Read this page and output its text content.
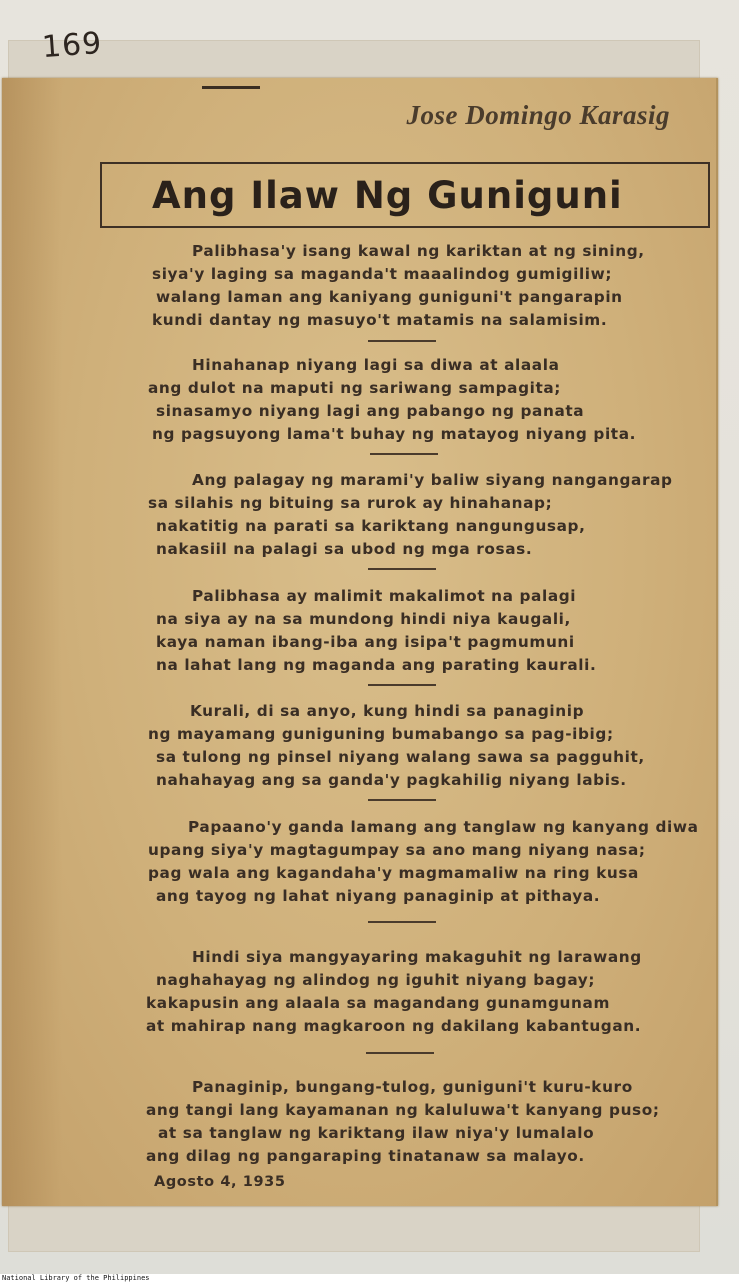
169
Jose Domingo Karasig
Ang Ilaw Ng Guniguni
Palibhasa'y isang kawal ng kariktan at ng sining,
siya'y laging sa maganda't maaalindog gumigiliw;
walang laman ang kaniyang guniguni't pangarapin
kundi dantay ng masuyo't matamis na salamisim.
Hinahanap niyang lagi sa diwa at alaala
ang dulot na maputi ng sariwang sampagita;
sinasamyo niyang lagi ang pabango ng panata
ng pagsuyong lama't buhay ng matayog niyang pita.
Ang palagay ng marami'y baliw siyang nangangarap
sa silahis ng bituing sa rurok ay hinahanap;
nakatitig na parati sa kariktang nangungusap,
nakasiil na palagi sa ubod ng mga rosas.
Palibhasa ay malimit makalimot na palagi
na siya ay na sa mundong hindi niya kaugali,
kaya naman ibang-iba ang isipa't pagmumuni
na lahat lang ng maganda ang parating kaurali.
Kurali, di sa anyo, kung hindi sa panaginip
ng mayamang guniguning bumabango sa pag-ibig;
sa tulong ng pinsel niyang walang sawa sa pagguhit,
nahahayag ang sa ganda'y pagkahilig niyang labis.
Papaano'y ganda lamang ang tanglaw ng kanyang diwa
upang siya'y magtagumpay sa ano mang niyang nasa;
pag wala ang kagandaha'y magmamaliw na ring kusa
ang tayog ng lahat niyang panaginip at pithaya.
Hindi siya mangyayaring makaguhit ng larawang
naghahayag ng alindog ng iguhit niyang bagay;
kakapusin ang alaala sa magandang gunamgunam
at mahirap nang magkaroon ng dakilang kabantugan.
Panaginip, bungang-tulog, guniguni't kuru-kuro
ang tangi lang kayamanan ng kaluluwa't kanyang puso;
at sa tanglaw ng kariktang ilaw niya'y lumalalo
ang dilag ng pangaraping tinatanaw sa malayo.
Agosto 4, 1935
National Library of the Philippines
